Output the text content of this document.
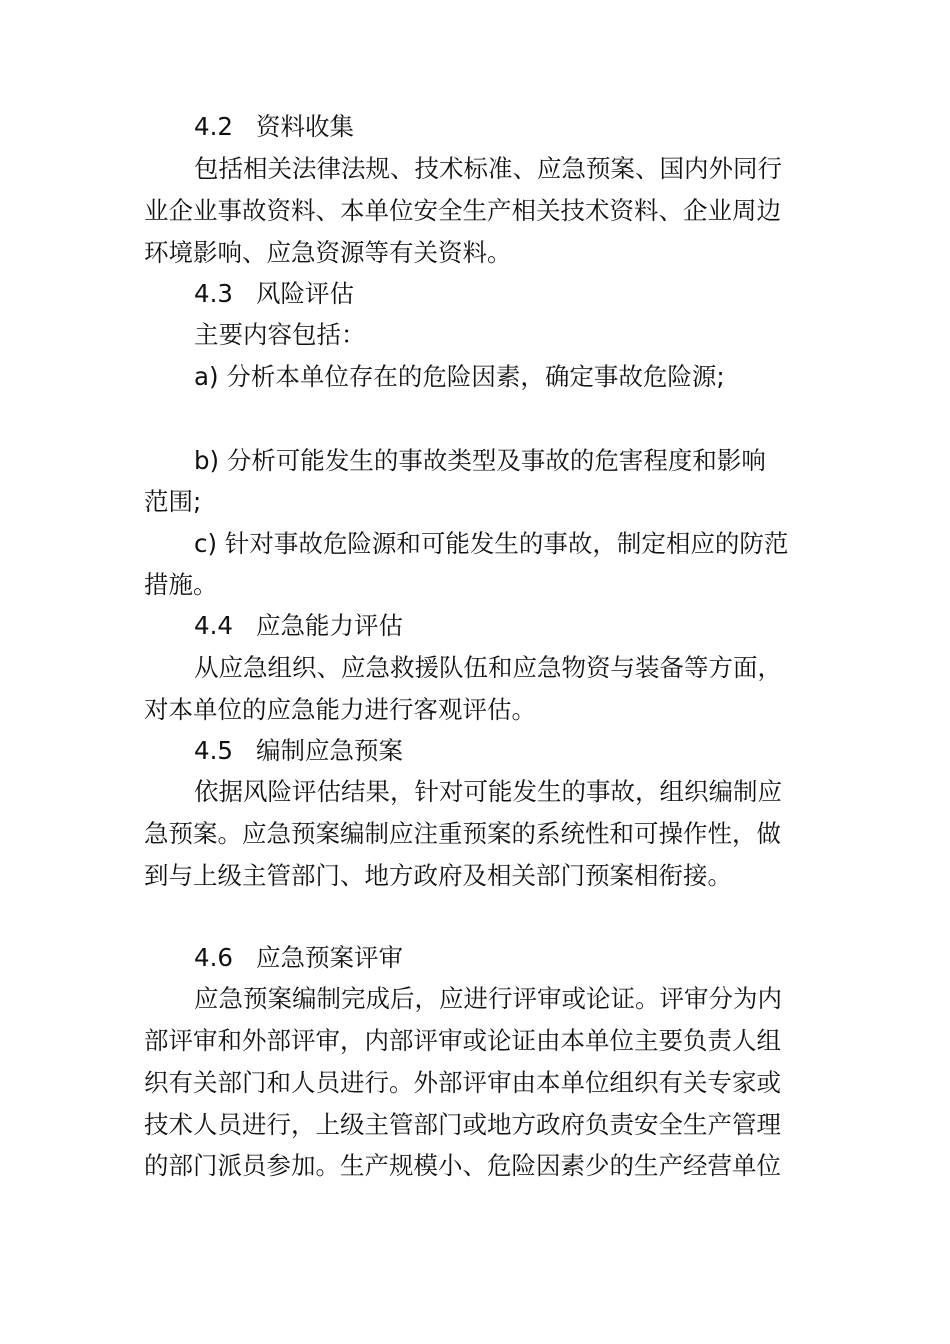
4.2 资料收集
包括相关法律法规、技术标准、应急预案、国内外同行
业企业事故资料、本单位安全生产相关技术资料、企业周边
环境影响、应急资源等有关资料。
4.3 风险评估
主要内容包括：
a) 分析本单位存在的危险因素，确定事故危险源;
b) 分析可能发生的事故类型及事故的危害程度和影响
范围;
c) 针对事故危险源和可能发生的事故，制定相应的防范
措施。
4.4 应急能力评估
从应急组织、应急救援队伍和应急物资与装备等方面，
对本单位的应急能力进行客观评估。
4.5 编制应急预案
依据风险评估结果，针对可能发生的事故，组织编制应
急预案。应急预案编制应注重预案的系统性和可操作性，做
到与上级主管部门、地方政府及相关部门预案相衔接。
4.6 应急预案评审
应急预案编制完成后，应进行评审或论证。评审分为内
部评审和外部评审，内部评审或论证由本单位主要负责人组
织有关部门和人员进行。外部评审由本单位组织有关专家或
技术人员进行，上级主管部门或地方政府负责安全生产管理
的部门派员参加。生产规模小、危险因素少的生产经营单位
